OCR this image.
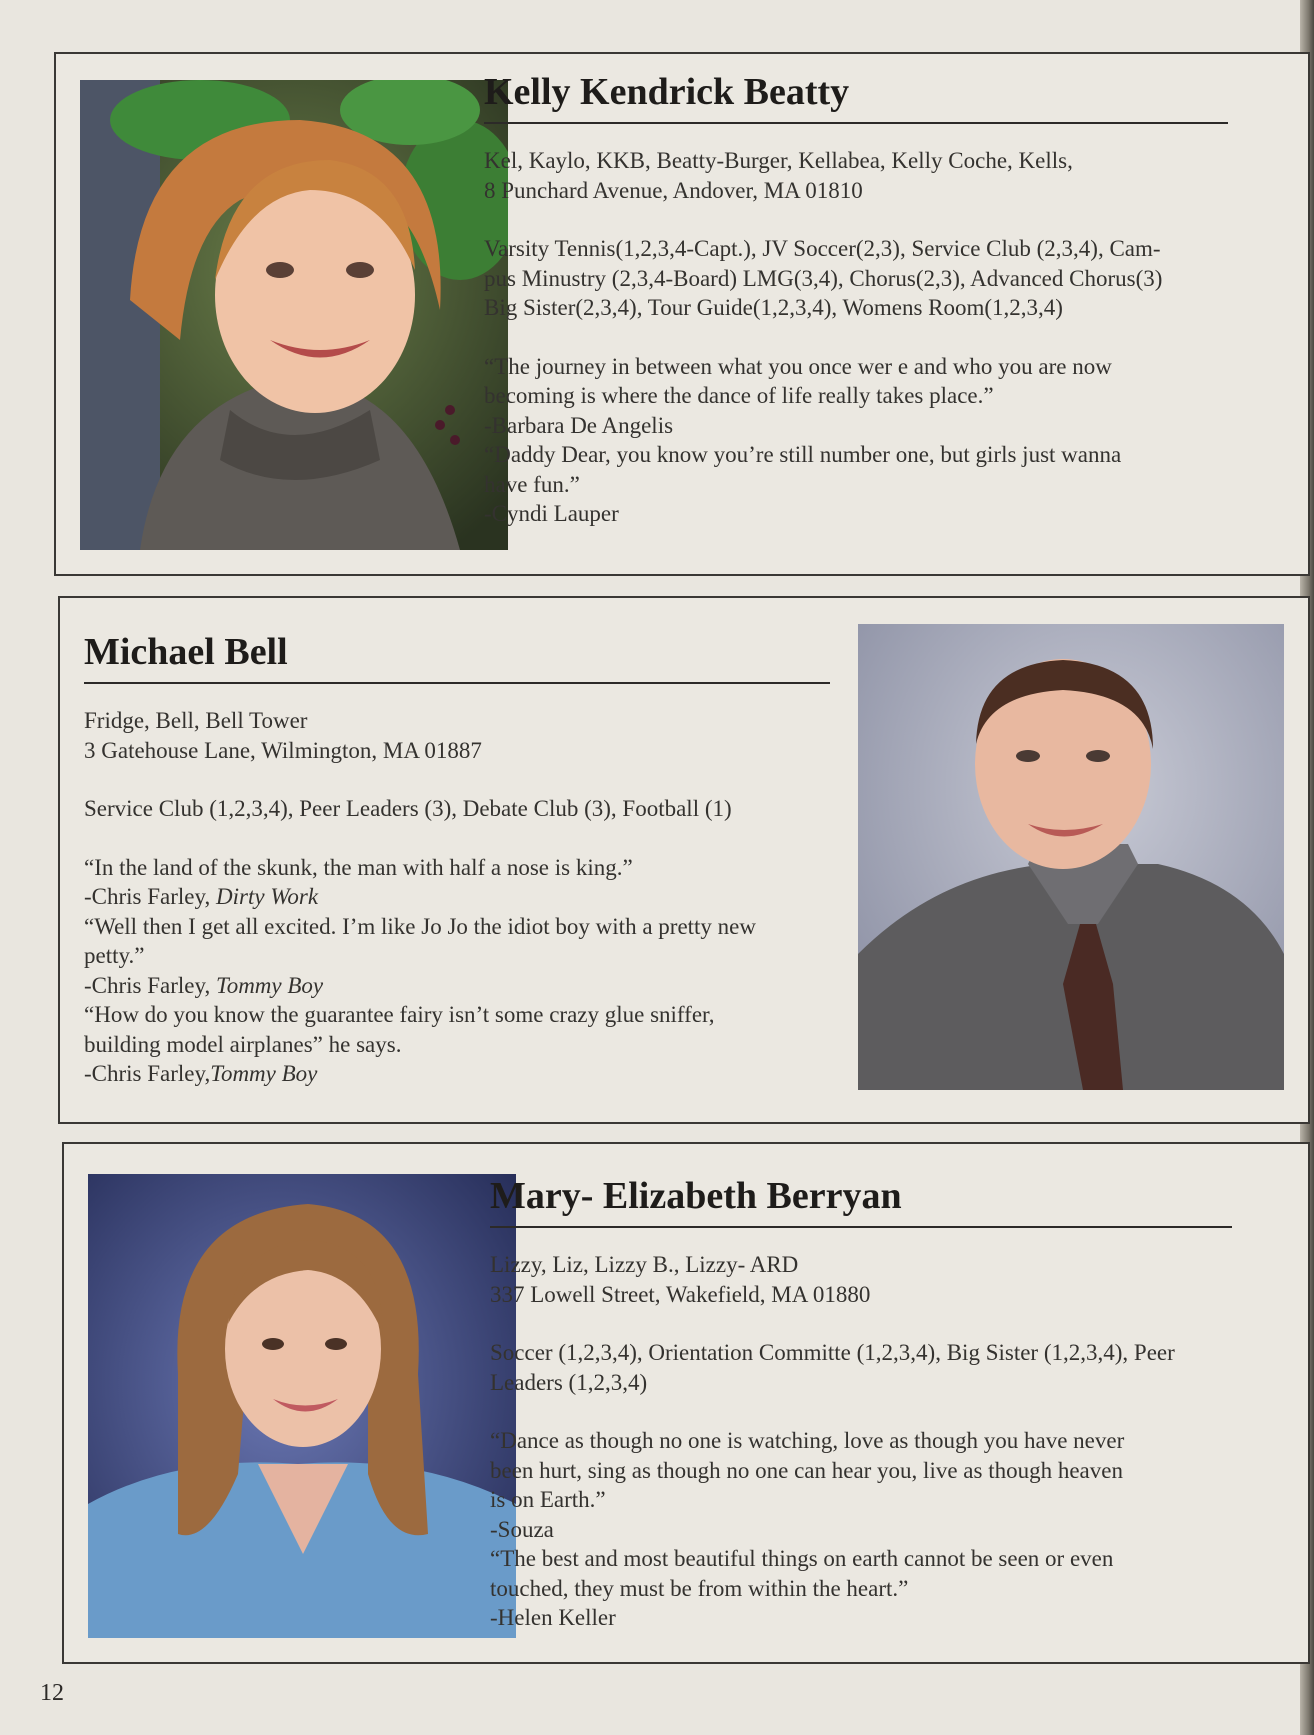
Kelly Kendrick Beatty
Kel, Kaylo, KKB, Beatty-Burger, Kellabea, Kelly Coche, Kells,
8 Punchard Avenue, Andover, MA 01810
Varsity Tennis(1,2,3,4-Capt.), JV Soccer(2,3), Service Club (2,3,4), Cam-
pus Minustry (2,3,4-Board) LMG(3,4), Chorus(2,3), Advanced Chorus(3)
Big Sister(2,3,4), Tour Guide(1,2,3,4), Womens Room(1,2,3,4)
“The journey in between what you once wer e and who you are now
becoming is where the dance of life really takes place.”
-Barbara De Angelis
“Daddy Dear, you know you’re still number one, but girls just wanna
have fun.”
-Cyndi Lauper
Michael Bell
Fridge, Bell, Bell Tower
3 Gatehouse Lane, Wilmington, MA 01887
Service Club (1,2,3,4), Peer Leaders (3), Debate Club (3), Football (1)
“In the land of the skunk, the man with half a nose is king.”
-Chris Farley, Dirty Work
“Well then I get all excited. I’m like Jo Jo the idiot boy with a pretty new
petty.”
-Chris Farley, Tommy Boy
“How do you know the guarantee fairy isn’t some crazy glue sniffer,
building model airplanes” he says.
-Chris Farley,Tommy Boy
Mary- Elizabeth Berryan
Lizzy, Liz, Lizzy B., Lizzy- ARD
337 Lowell Street, Wakefield, MA 01880
Soccer (1,2,3,4), Orientation Committe (1,2,3,4), Big Sister (1,2,3,4), Peer
Leaders (1,2,3,4)
“Dance as though no one is watching, love as though you have never
been hurt, sing as though no one can hear you, live as though heaven
is on Earth.”
-Souza
“The best and most beautiful things on earth cannot be seen or even
touched, they must be from within the heart.”
-Helen Keller
12
